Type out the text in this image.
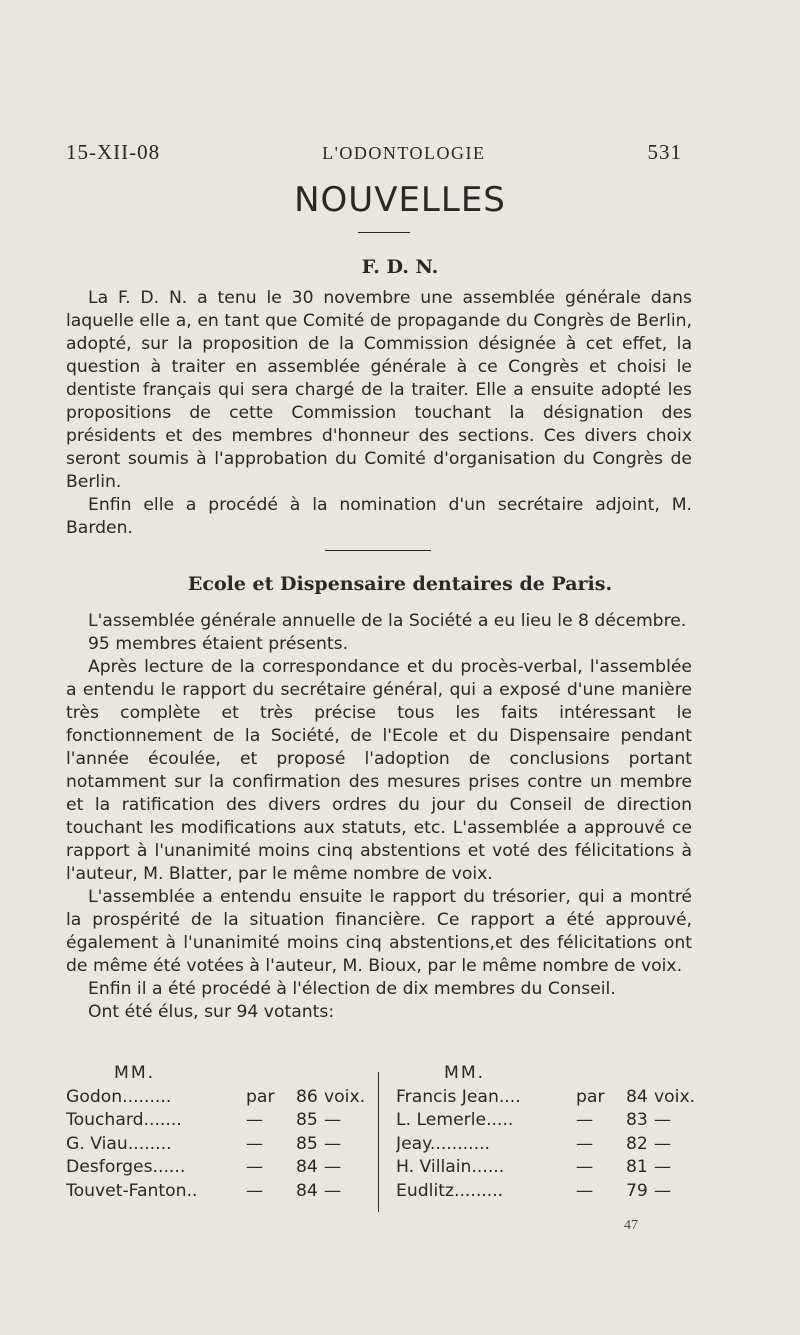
15-XII-08	L'ODONTOLOGIE	531
NOUVELLES
F. D. N.

La F. D. N. a tenu le 30 novembre une assemblée générale dans laquelle elle a, en tant que Comité de propagande du Congrès de Berlin, adopté, sur la proposition de la Commission désignée à cet effet, la question à traiter en assemblée générale à ce Congrès et choisi le dentiste français qui sera chargé de la traiter. Elle a ensuite adopté les propositions de cette Commission touchant la désignation des présidents et des membres d'honneur des sections. Ces divers choix seront soumis à l'approbation du Comité d'organisation du Congrès de Berlin.

Enfin elle a procédé à la nomination d'un secrétaire adjoint, M. Barden.

Ecole et Dispensaire dentaires de Paris.

L'assemblée générale annuelle de la Société a eu lieu le 8 décembre.

95 membres étaient présents.

Après lecture de la correspondance et du procès-verbal, l'assemblée a entendu le rapport du secrétaire général, qui a exposé d'une manière très complète et très précise tous les faits intéressant le fonctionnement de la Société, de l'Ecole et du Dispensaire pendant l'année écoulée, et proposé l'adoption de conclusions portant notamment sur la confirmation des mesures prises contre un membre et la ratification des divers ordres du jour du Conseil de direction touchant les modifications aux statuts, etc. L'assemblée a approuvé ce rapport à l'unanimité moins cinq abstentions et voté des félicitations à l'auteur, M. Blatter, par le même nombre de voix.

L'assemblée a entendu ensuite le rapport du trésorier, qui a montré la prospérité de la situation financière. Ce rapport a été approuvé, également à l'unanimité moins cinq abstentions,et des félicitations ont de même été votées à l'auteur, M. Bioux, par le même nombre de voix.

Enfin il a été procédé à l'élection de dix membres du Conseil.

Ont été élus, sur 94 votants:

MM.
Godon.........	par	86 voix.
Touchard.......	—	85 —
G. Viau........	—	85 —
Desforges......	—	84 —
Touvet-Fanton..	—	84 —
MM.
Francis Jean....	par	84 voix.
L. Lemerle.....	—	83 —
Jeay...........	—	82 —
H. Villain......	—	81 —
Eudlitz.........	—	79 —
47
